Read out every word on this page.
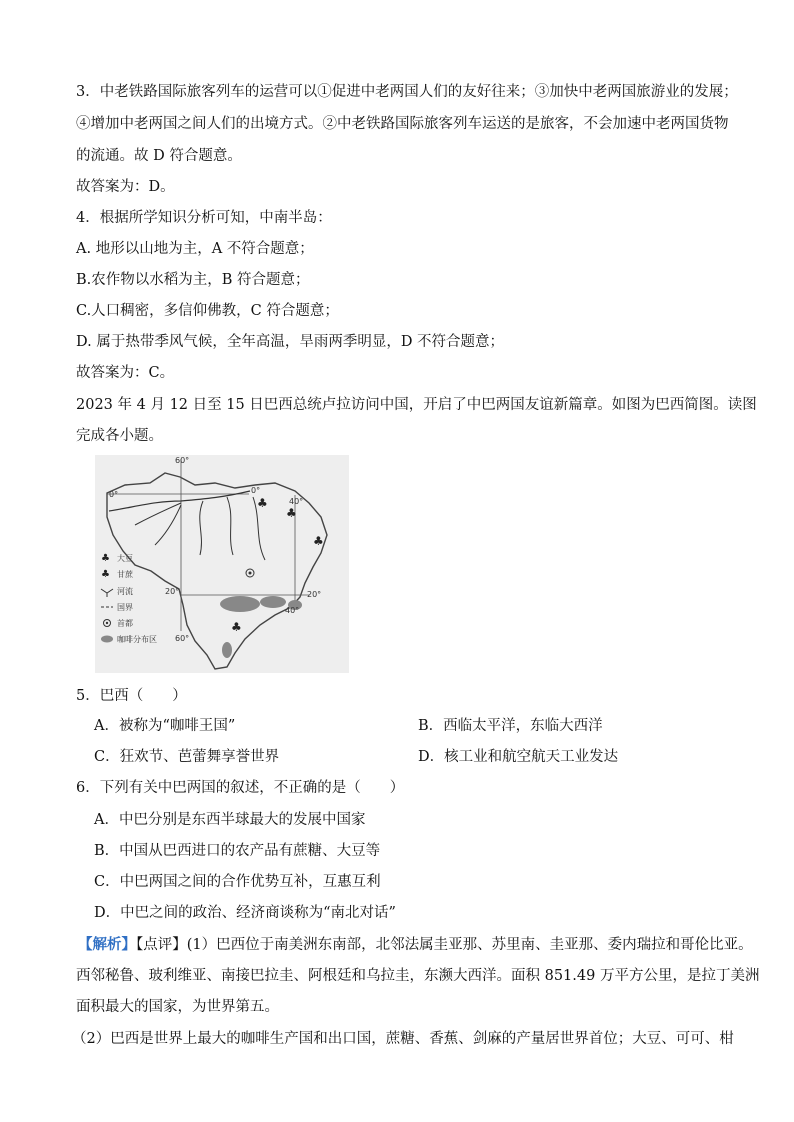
3．中老铁路国际旅客列车的运营可以①促进中老两国人们的友好往来；③加快中老两国旅游业的发展；
④增加中老两国之间人们的出境方式。②中老铁路国际旅客列车运送的是旅客，不会加速中老两国货物
的流通。故 D 符合题意。
故答案为：D。
4．根据所学知识分析可知，中南半岛：
A. 地形以山地为主，A 不符合题意；
B.农作物以水稻为主，B 符合题意；
C.人口稠密，多信仰佛教，C 符合题意；
D. 属于热带季风气候，全年高温，旱雨两季明显，D 不符合题意；
故答案为：C。
2023 年 4 月 12 日至 15 日巴西总统卢拉访问中国，开启了中巴两国友谊新篇章。如图为巴西简图。读图
完成各小题。
♣
♣
♣
♣
60°
0°	0°
40°
20°	20°
60°
40°
♣ 大豆
♣ 甘蔗
河流
国界
首都
咖啡分布区
5．巴西（　　）
A．被称为“咖啡王国”	B．西临太平洋，东临大西洋
C．狂欢节、芭蕾舞享誉世界	D．核工业和航空航天工业发达
6．下列有关中巴两国的叙述，不正确的是（　　）
A．中巴分别是东西半球最大的发展中国家
B．中国从巴西进口的农产品有蔗糖、大豆等
C．中巴两国之间的合作优势互补，互惠互利
D．中巴之间的政治、经济商谈称为“南北对话”
【解析】【点评】(1）巴西位于南美洲东南部，北邻法属圭亚那、苏里南、圭亚那、委内瑞拉和哥伦比亚。
西邻秘鲁、玻利维亚、南接巴拉圭、阿根廷和乌拉圭，东濒大西洋。面积 851.49 万平方公里，是拉丁美洲
面积最大的国家，为世界第五。
（2）巴西是世界上最大的咖啡生产国和出口国，蔗糖、香蕉、剑麻的产量居世界首位；大豆、可可、柑
